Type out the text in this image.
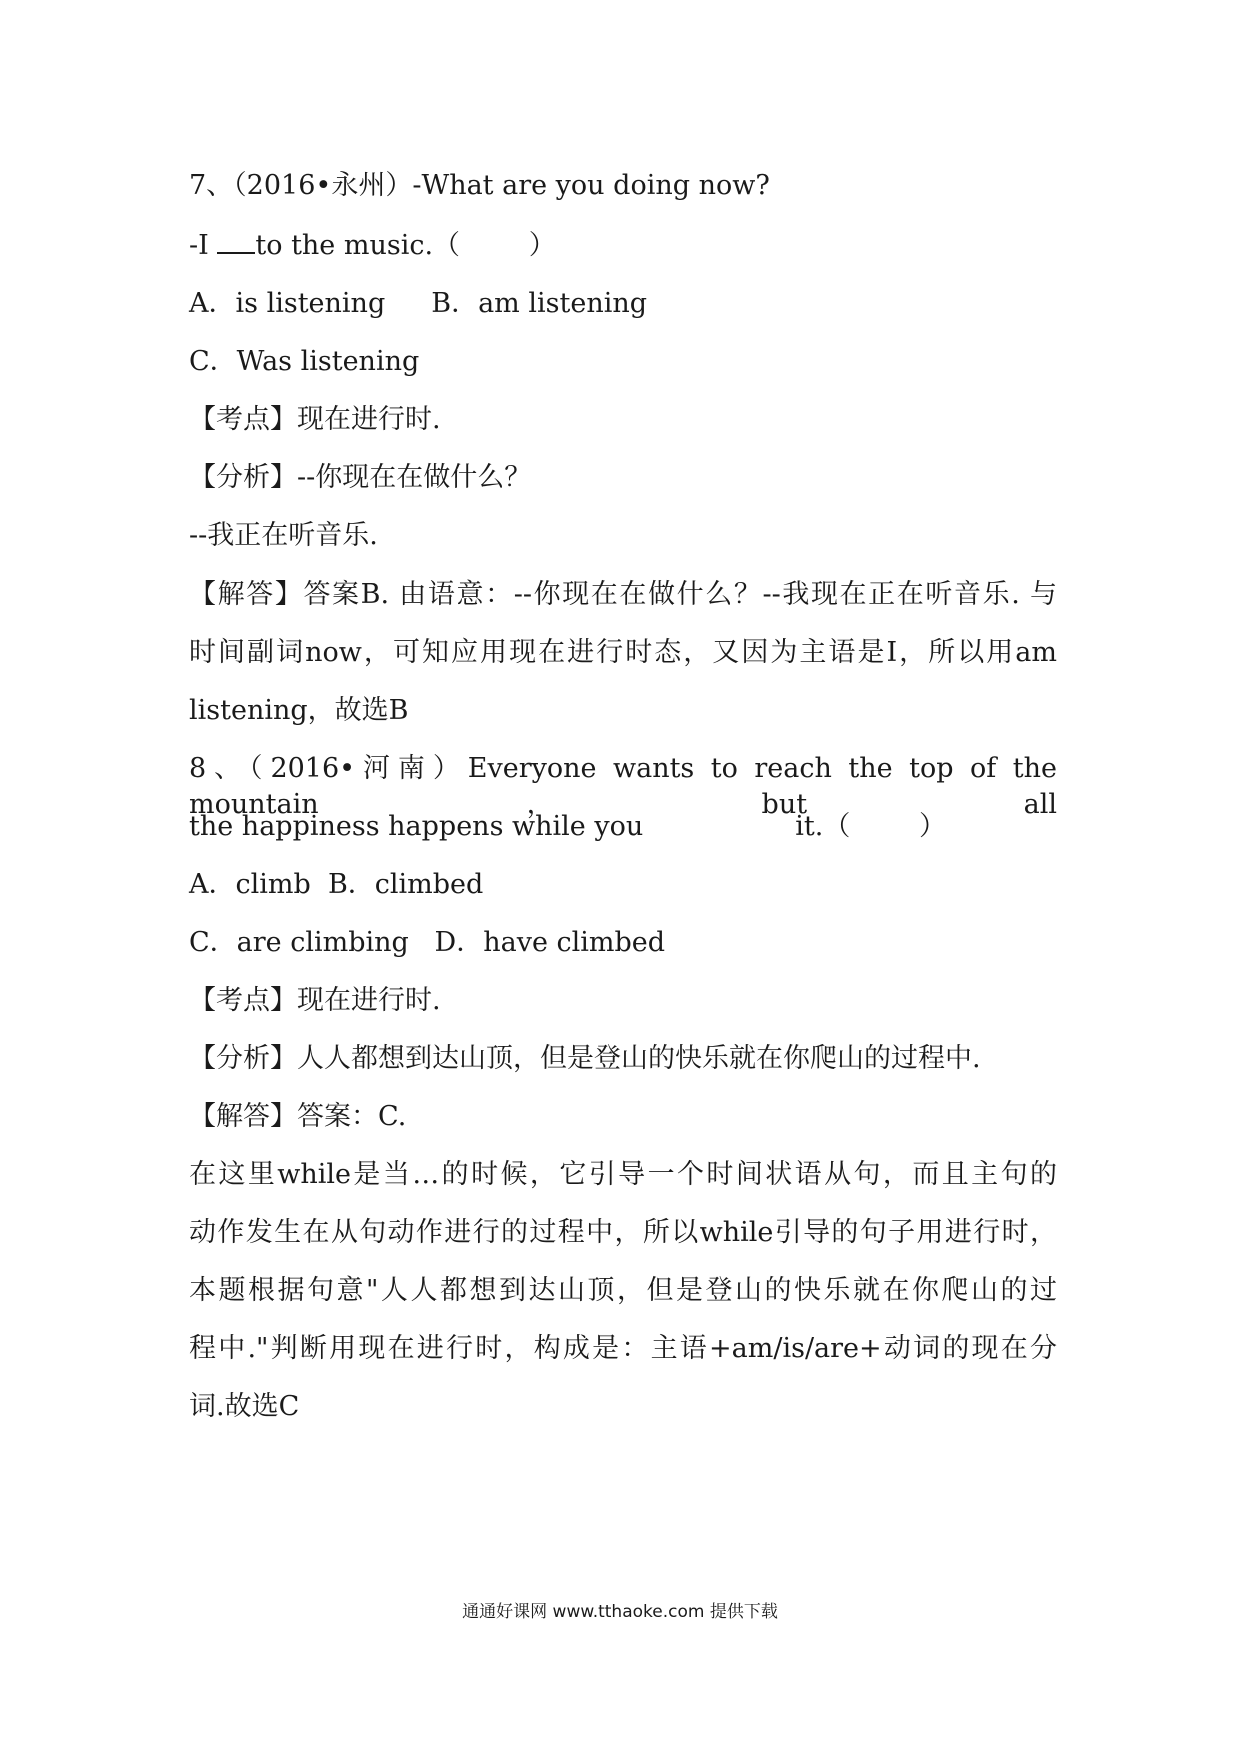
7、（2016•永州）-What are you doing now?
-I to the music.（        ）
A．is listening B．am listening
C．Was listening
【考点】现在进行时.
【分析】--你现在在做什么？
--我正在听音乐.
【解答】答案B. 由语意：--你现在在做什么？--我现在正在听音乐. 与
时间副词now，可知应用现在进行时态，又因为主语是I，所以用am
listening，故选B
8、（2016•河南）Everyone wants to reach the top of the mountain，but all
the happiness happens while you	it.（        ）
A．climb  B．climbed
C．are climbing   D．have climbed
【考点】现在进行时.
【分析】人人都想到达山顶，但是登山的快乐就在你爬山的过程中.
【解答】答案：C.
在这里while是当…的时候，它引导一个时间状语从句，而且主句的
动作发生在从句动作进行的过程中，所以while引导的句子用进行时，
本题根据句意"人人都想到达山顶，但是登山的快乐就在你爬山的过
程中."判断用现在进行时，构成是：主语+am/is/are+动词的现在分
词.故选C
通通好课网 www.tthaoke.com 提供下载
